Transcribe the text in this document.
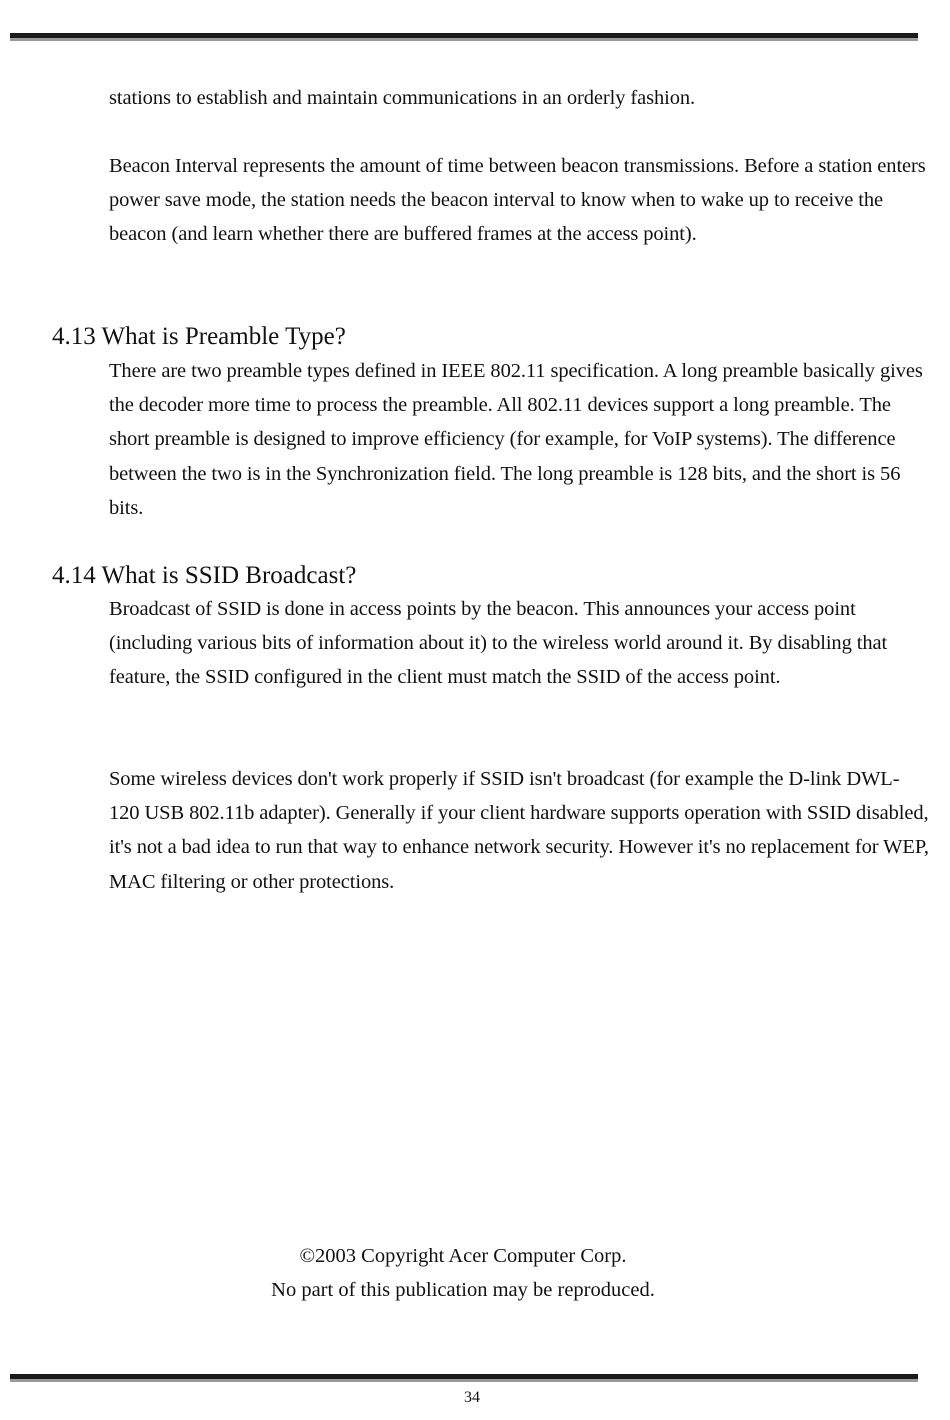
stations to establish and maintain communications in an orderly fashion.

Beacon Interval represents the amount of time between beacon transmissions. Before a station enters power save mode, the station needs the beacon interval to know when to wake up to receive the beacon (and learn whether there are buffered frames at the access point).

4.13 What is Preamble Type?

There are two preamble types defined in IEEE 802.11 specification. A long preamble basically gives the decoder more time to process the preamble. All 802.11 devices support a long preamble. The short preamble is designed to improve efficiency (for example, for VoIP systems). The difference between the two is in the Synchronization field. The long preamble is 128 bits, and the short is 56 bits.

4.14 What is SSID Broadcast?

Broadcast of SSID is done in access points by the beacon. This announces your access point (including various bits of information about it) to the wireless world around it. By disabling that feature, the SSID configured in the client must match the SSID of the access point.

Some wireless devices don't work properly if SSID isn't broadcast (for example the D-link DWL-120 USB 802.11b adapter). Generally if your client hardware supports operation with SSID disabled, it's not a bad idea to run that way to enhance network security. However it's no replacement for WEP, MAC filtering or other protections.

©2003 Copyright Acer Computer Corp.

No part of this publication may be reproduced.

34
